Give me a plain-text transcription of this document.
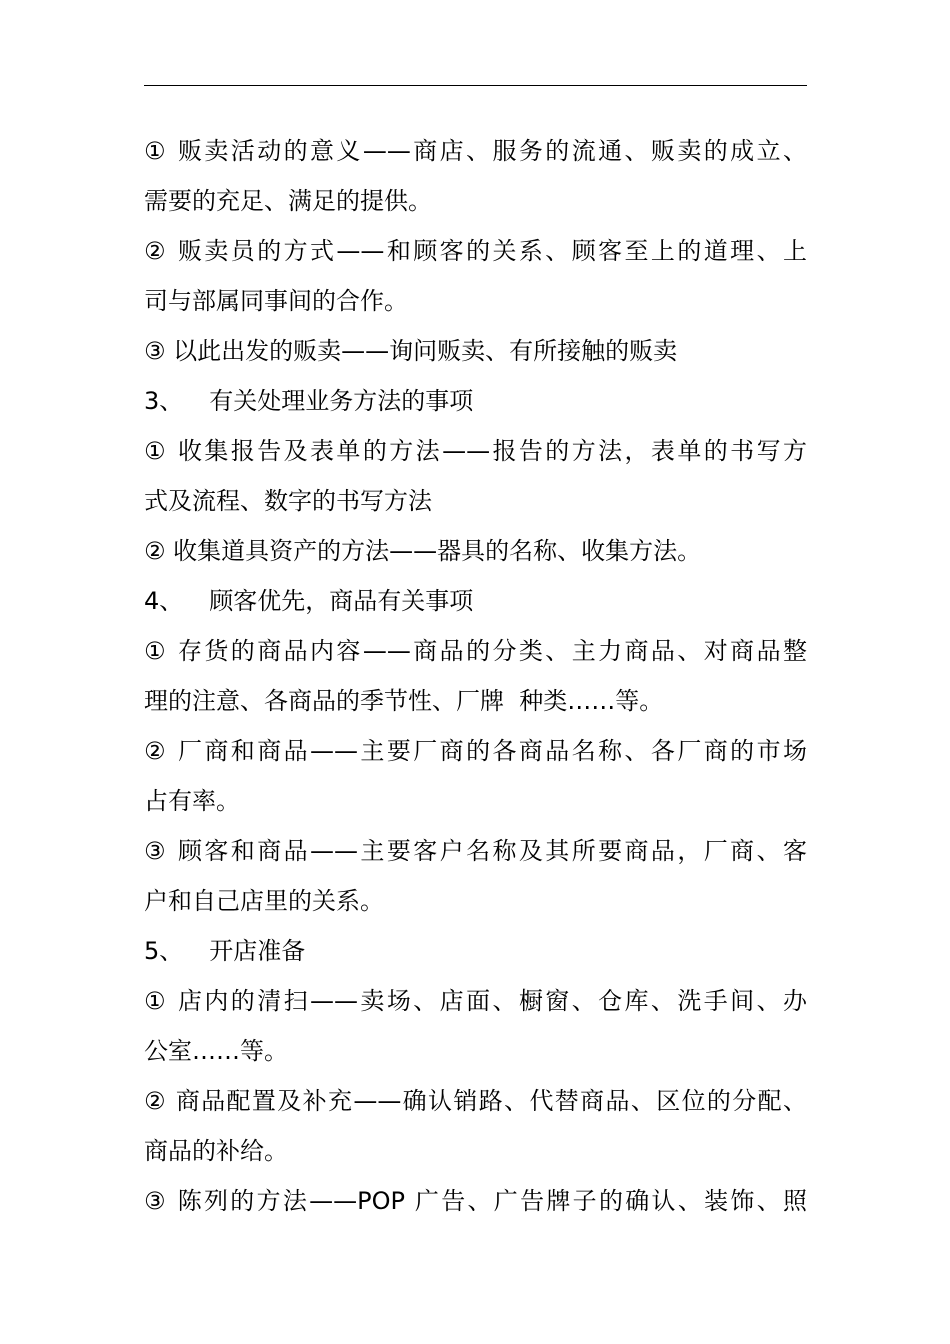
① 贩卖活动的意义——商店、服务的流通、贩卖的成立、
需要的充足、满足的提供。
② 贩卖员的方式——和顾客的关系、顾客至上的道理、上
司与部属同事间的合作。
③ 以此出发的贩卖——询问贩卖、有所接触的贩卖
3、 有关处理业务方法的事项
① 收集报告及表单的方法——报告的方法，表单的书写方
式及流程、数字的书写方法
② 收集道具资产的方法——器具的名称、收集方法。
4、 顾客优先，商品有关事项
① 存货的商品内容——商品的分类、主力商品、对商品整
理的注意、各商品的季节性、厂牌  种类……等。
② 厂商和商品——主要厂商的各商品名称、各厂商的市场
占有率。
③ 顾客和商品——主要客户名称及其所要商品，厂商、客
户和自己店里的关系。
5、 开店准备
① 店内的清扫——卖场、店面、橱窗、仓库、洗手间、办
公室……等。
② 商品配置及补充——确认销路、代替商品、区位的分配、
商品的补给。
③ 陈列的方法——POP 广告、广告牌子的确认、装饰、照
